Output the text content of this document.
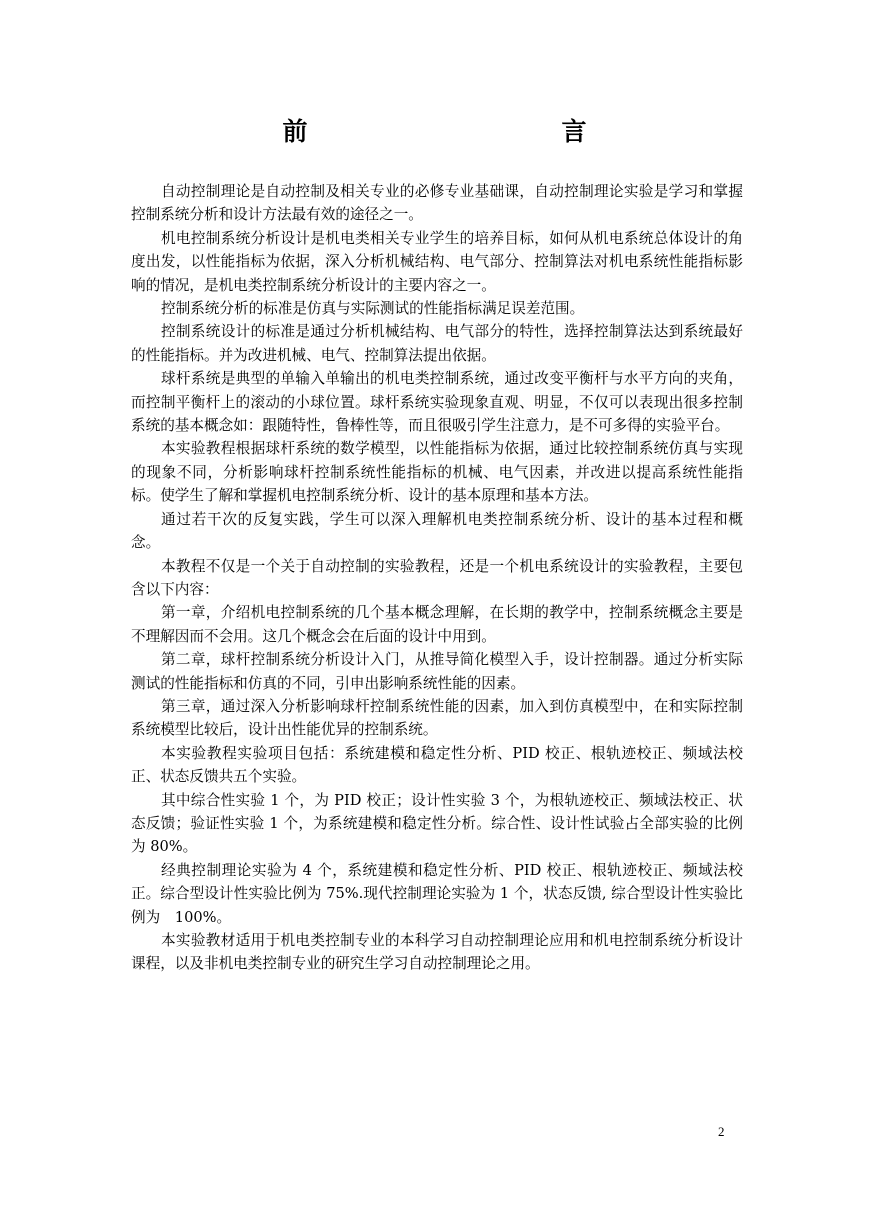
前　　言

自动控制理论是自动控制及相关专业的必修专业基础课，自动控制理论实验是学习和掌握控制系统分析和设计方法最有效的途径之一。

机电控制系统分析设计是机电类相关专业学生的培养目标，如何从机电系统总体设计的角度出发，以性能指标为依据，深入分析机械结构、电气部分、控制算法对机电系统性能指标影响的情况，是机电类控制系统分析设计的主要内容之一。

控制系统分析的标准是仿真与实际测试的性能指标满足误差范围。

控制系统设计的标准是通过分析机械结构、电气部分的特性，选择控制算法达到系统最好的性能指标。并为改进机械、电气、控制算法提出依据。

球杆系统是典型的单输入单输出的机电类控制系统，通过改变平衡杆与水平方向的夹角，而控制平衡杆上的滚动的小球位置。球杆系统实验现象直观、明显，不仅可以表现出很多控制系统的基本概念如：跟随特性，鲁棒性等，而且很吸引学生注意力，是不可多得的实验平台。

本实验教程根据球杆系统的数学模型，以性能指标为依据，通过比较控制系统仿真与实现的现象不同，分析影响球杆控制系统性能指标的机械、电气因素，并改进以提高系统性能指标。使学生了解和掌握机电控制系统分析、设计的基本原理和基本方法。

通过若干次的反复实践，学生可以深入理解机电类控制系统分析、设计的基本过程和概念。

本教程不仅是一个关于自动控制的实验教程，还是一个机电系统设计的实验教程，主要包含以下内容：

第一章，介绍机电控制系统的几个基本概念理解，在长期的教学中，控制系统概念主要是不理解因而不会用。这几个概念会在后面的设计中用到。

第二章，球杆控制系统分析设计入门，从推导简化模型入手，设计控制器。通过分析实际测试的性能指标和仿真的不同，引申出影响系统性能的因素。

第三章，通过深入分析影响球杆控制系统性能的因素，加入到仿真模型中，在和实际控制系统模型比较后，设计出性能优异的控制系统。

本实验教程实验项目包括：系统建模和稳定性分析、PID 校正、根轨迹校正、频域法校正、状态反馈共五个实验。

其中综合性实验 1 个，为 PID 校正；设计性实验 3 个，为根轨迹校正、频域法校正、状态反馈；验证性实验 1 个，为系统建模和稳定性分析。综合性、设计性试验占全部实验的比例为 80%。

经典控制理论实验为 4 个，系统建模和稳定性分析、PID 校正、根轨迹校正、频域法校正。综合型设计性实验比例为 75%.现代控制理论实验为 1 个，状态反馈, 综合型设计性实验比例为　100%。

本实验教材适用于机电类控制专业的本科学习自动控制理论应用和机电控制系统分析设计课程，以及非机电类控制专业的研究生学习自动控制理论之用。

2
